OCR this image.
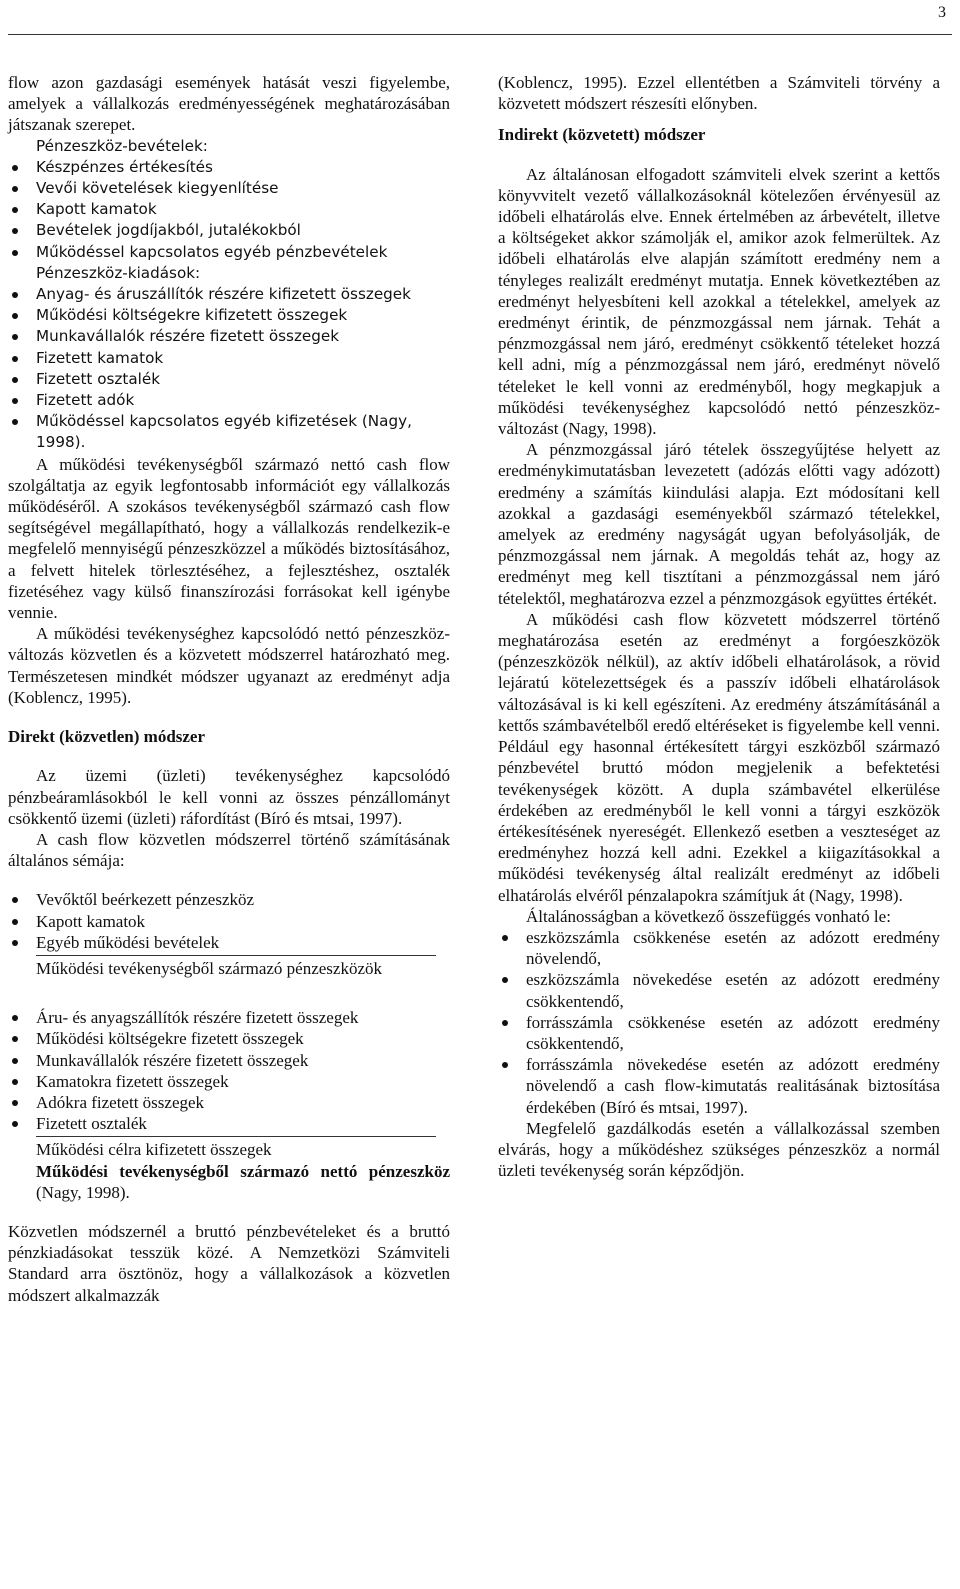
3

flow azon gazdasági események hatását veszi figyelembe, amelyek a vállalkozás eredményességének meghatározásában játszanak szerepet.

Pénzeszköz-bevételek:
Készpénzes értékesítés
Vevői követelések kiegyenlítése
Kapott kamatok
Bevételek jogdíjakból, jutalékokból
Működéssel kapcsolatos egyéb pénzbevételek
Pénzeszköz-kiadások:
Anyag- és áruszállítók részére kifizetett összegek
Működési költségekre kifizetett összegek
Munkavállalók részére fizetett összegek
Fizetett kamatok
Fizetett osztalék
Fizetett adók
Működéssel kapcsolatos egyéb kifizetések (Nagy, 1998).

A működési tevékenységből származó nettó cash flow szolgáltatja az egyik legfontosabb információt egy vállalkozás működéséről. A szokásos tevékenységből származó cash flow segítségével megállapítható, hogy a vállalkozás rendelkezik-e megfelelő mennyiségű pénzeszközzel a működés biztosításához, a felvett hitelek törlesztéséhez, a fejlesztéshez, osztalék fizetéséhez vagy külső finanszírozási forrásokat kell igénybe vennie.

A működési tevékenységhez kapcsolódó nettó pénzeszköz-változás közvetlen és a közvetett módszerrel határozható meg. Természetesen mindkét módszer ugyanazt az eredményt adja (Koblencz, 1995).

Direkt (közvetlen) módszer

Az üzemi (üzleti) tevékenységhez kapcsolódó pénzbeáramlásokból le kell vonni az összes pénzállományt csökkentő üzemi (üzleti) ráfordítást (Bíró és mtsai, 1997).

A cash flow közvetlen módszerrel történő számításának általános sémája:

Vevőktől beérkezett pénzeszköz
Kapott kamatok
Egyéb működési bevételek

Működési tevékenységből származó pénzeszközök

Áru- és anyagszállítók részére fizetett összegek
Működési költségekre fizetett összegek
Munkavállalók részére fizetett összegek
Kamatokra fizetett összegek
Adókra fizetett összegek
Fizetett osztalék

Működési célra kifizetett összegek

Működési tevékenységből származó nettó pénzeszköz (Nagy, 1998).

Közvetlen módszernél a bruttó pénzbevételeket és a bruttó pénzkiadásokat tesszük közé. A Nemzetközi Számviteli Standard arra ösztönöz, hogy a vállalkozások a közvetlen módszert alkalmazzák

(Koblencz, 1995). Ezzel ellentétben a Számviteli törvény a közvetett módszert részesíti előnyben.

Indirekt (közvetett) módszer

Az általánosan elfogadott számviteli elvek szerint a kettős könyvvitelt vezető vállalkozásoknál kötelezően érvényesül az időbeli elhatárolás elve. Ennek értelmében az árbevételt, illetve a költségeket akkor számolják el, amikor azok felmerültek. Az időbeli elhatárolás elve alapján számított eredmény nem a tényleges realizált eredményt mutatja. Ennek következtében az eredményt helyesbíteni kell azokkal a tételekkel, amelyek az eredményt érintik, de pénzmozgással nem járnak. Tehát a pénzmozgással nem járó, eredményt csökkentő tételeket hozzá kell adni, míg a pénzmozgással nem járó, eredményt növelő tételeket le kell vonni az eredményből, hogy megkapjuk a működési tevékenységhez kapcsolódó nettó pénzeszköz-változást (Nagy, 1998).

A pénzmozgással járó tételek összegyűjtése helyett az eredménykimutatásban levezetett (adózás előtti vagy adózott) eredmény a számítás kiindulási alapja. Ezt módosítani kell azokkal a gazdasági eseményekből származó tételekkel, amelyek az eredmény nagyságát ugyan befolyásolják, de pénzmozgással nem járnak. A megoldás tehát az, hogy az eredményt meg kell tisztítani a pénzmozgással nem járó tételektől, meghatározva ezzel a pénzmozgások együttes értékét.

A működési cash flow közvetett módszerrel történő meghatározása esetén az eredményt a forgóeszközök (pénzeszközök nélkül), az aktív időbeli elhatárolások, a rövid lejáratú kötelezettségek és a passzív időbeli elhatárolások változásával is ki kell egészíteni. Az eredmény átszámításánál a kettős számbavételből eredő eltéréseket is figyelembe kell venni. Például egy hasonnal értékesített tárgyi eszközből származó pénzbevétel bruttó módon megjelenik a befektetési tevékenységek között. A dupla számbavétel elkerülése érdekében az eredményből le kell vonni a tárgyi eszközök értékesítésének nyereségét. Ellenkező esetben a veszteséget az eredményhez hozzá kell adni. Ezekkel a kiigazításokkal a működési tevékenység által realizált eredményt az időbeli elhatárolás elvéről pénzalapokra számítjuk át (Nagy, 1998).

Általánosságban a következő összefüggés vonható le:

eszközszámla csökkenése esetén az adózott eredmény növelendő,
eszközszámla növekedése esetén az adózott eredmény csökkentendő,
forrásszámla csökkenése esetén az adózott eredmény csökkentendő,
forrásszámla növekedése esetén az adózott eredmény növelendő a cash flow-kimutatás realitásának biztosítása érdekében (Bíró és mtsai, 1997).

Megfelelő gazdálkodás esetén a vállalkozással szemben elvárás, hogy a működéshez szükséges pénzeszköz a normál üzleti tevékenység során képződjön.
